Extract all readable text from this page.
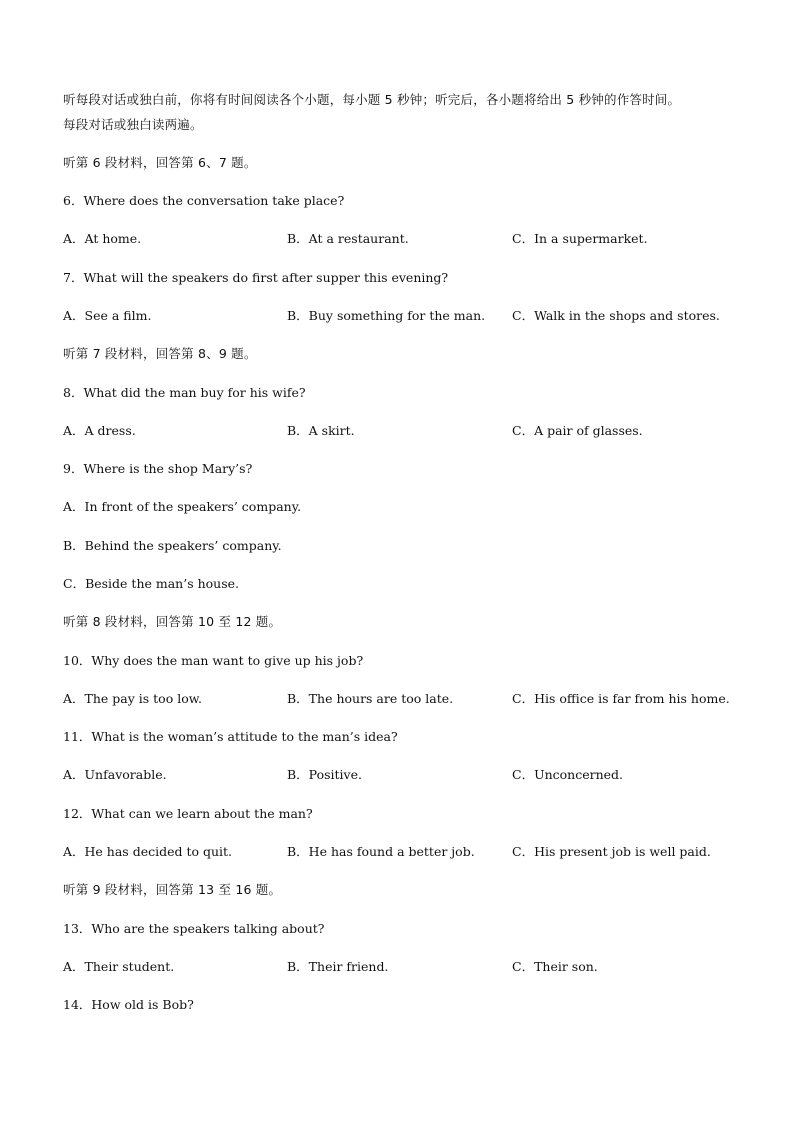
听每段对话或独白前，你将有时间阅读各个小题，每小题 5 秒钟；听完后，各小题将给出 5 秒钟的作答时间。
每段对话或独白读两遍。
听第 6 段材料，回答第 6、7 题。
6．Where does the conversation take place?
A．At home.	B．At a restaurant.	C．In a supermarket.
7．What will the speakers do first after supper this evening?
A．See a film.	B．Buy something for the man. C．Walk in the shops and stores.
听第 7 段材料，回答第 8、9 题。
8．What did the man buy for his wife?
A．A dress.	B．A skirt.	C．A pair of glasses.
9．Where is the shop Mary’s?
A．In front of the speakers’ company.
B．Behind the speakers’ company.
C．Beside the man’s house.
听第 8 段材料，回答第 10 至 12 题。
10．Why does the man want to give up his job?
A．The pay is too low.	B．The hours are too late.	C．His office is far from his home.
11．What is the woman’s attitude to the man’s idea?
A．Unfavorable.	B．Positive.	C．Unconcerned.
12．What can we learn about the man?
A．He has decided to quit.	B．He has found a better job.	C．His present job is well paid.
听第 9 段材料，回答第 13 至 16 题。
13．Who are the speakers talking about?
A．Their student.	B．Their friend.	C．Their son.
14．How old is Bob?
